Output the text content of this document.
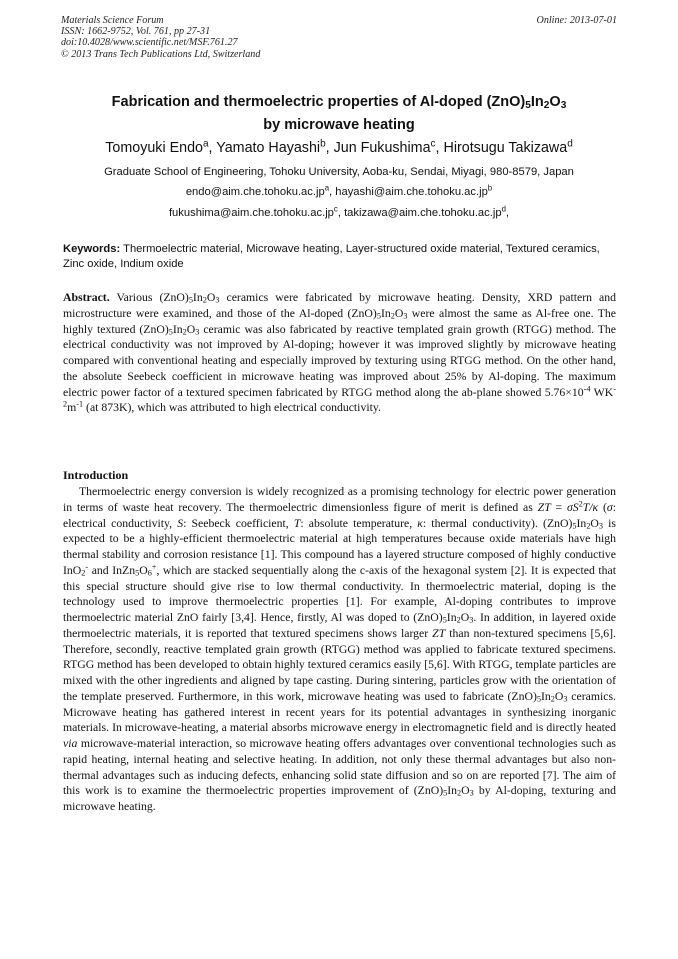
Materials Science Forum
ISSN: 1662-9752, Vol. 761, pp 27-31
doi:10.4028/www.scientific.net/MSF.761.27
© 2013 Trans Tech Publications Ltd, Switzerland
Online: 2013-07-01
Fabrication and thermoelectric properties of Al-doped $(ZnO)_5In_2O_3$
by microwave heating
Tomoyuki Endo$^a$, Yamato Hayashi$^b$, Jun Fukushima$^c$, Hirotsugu Takizawa$^d$
Graduate School of Engineering, Tohoku University, Aoba-ku, Sendai, Miyagi, 980-8579, Japan
$endo@aim.che.tohoku.ac.jp^a$, $hayashi@aim.che.tohoku.ac.jp^b$
$fukushima@aim.che.tohoku.ac.jp^c$, $takizawa@aim.che.tohoku.ac.jp^d$,
Keywords: Thermoelectric material, Microwave heating, Layer-structured oxide material, Textured ceramics, Zinc oxide, Indium oxide

Abstract. Various $(ZnO)_5In_2O_3$ ceramics were fabricated by microwave heating. Density, XRD pattern and microstructure were examined, and those of the Al-doped $(ZnO)_5In_2O_3$ were almost the same as Al-free one. The highly textured $(ZnO)_5In_2O_3$ ceramic was also fabricated by reactive templated grain growth (RTGG) method. The electrical conductivity was not improved by Al-doping; however it was improved slightly by microwave heating compared with conventional heating and especially improved by texturing using RTGG method. On the other hand, the absolute Seebeck coefficient in microwave heating was improved about 25% by Al-doping. The maximum electric power factor of a textured specimen fabricated by RTGG method along the ab-plane showed $5.76\times 10^{-4}$ $WK^{-2}m^{-1}$ (at 873K), which was attributed to high electrical conductivity.

Introduction

Thermoelectric energy conversion is widely recognized as a promising technology for electric power generation in terms of waste heat recovery. The thermoelectric dimensionless figure of merit is defined as ZT = $\sigma S^2T/\kappa$ (σ: electrical conductivity, S: Seebeck coefficient, T: absolute temperature, κ: thermal conductivity). $(ZnO)_5In_2O_3$ is expected to be a highly-efficient thermoelectric material at high temperatures because oxide materials have high thermal stability and corrosion resistance [1]. This compound has a layered structure composed of highly conductive InO$_2$- and $InZn_5O_6^+$, which are stacked sequentially along the c-axis of the hexagonal system [2]. It is expected that this special structure should give rise to low thermal conductivity. In thermoelectric material, doping is the technology used to improve thermoelectric properties [1]. For example, Al-doping contributes to improve thermoelectric material ZnO fairly [3,4]. Hence, firstly, Al was doped to $(ZnO)_5In_2O_3$. In addition, in layered oxide thermoelectric materials, it is reported that textured specimens shows larger ZT than non-textured specimens [5,6]. Therefore, secondly, reactive templated grain growth (RTGG) method was applied to fabricate textured specimens. RTGG method has been developed to obtain highly textured ceramics easily [5,6]. With RTGG, template particles are mixed with the other ingredients and aligned by tape casting. During sintering, particles grow with the orientation of the template preserved. Furthermore, in this work, microwave heating was used to fabricate $(ZnO)_5In_2O_3$ ceramics. Microwave heating has gathered interest in recent years for its potential advantages in synthesizing inorganic materials. In microwave-heating, a material absorbs microwave energy in electromagnetic field and is directly heated via microwave-material interaction, so microwave heating offers advantages over conventional technologies such as rapid heating, internal heating and selective heating. In addition, not only these thermal advantages but also non-thermal advantages such as inducing defects, enhancing solid state diffusion and so on are reported [7]. The aim of this work is to examine the thermoelectric properties improvement of $(ZnO)_5In_2O_3$ by Al-doping, texturing and microwave heating.
